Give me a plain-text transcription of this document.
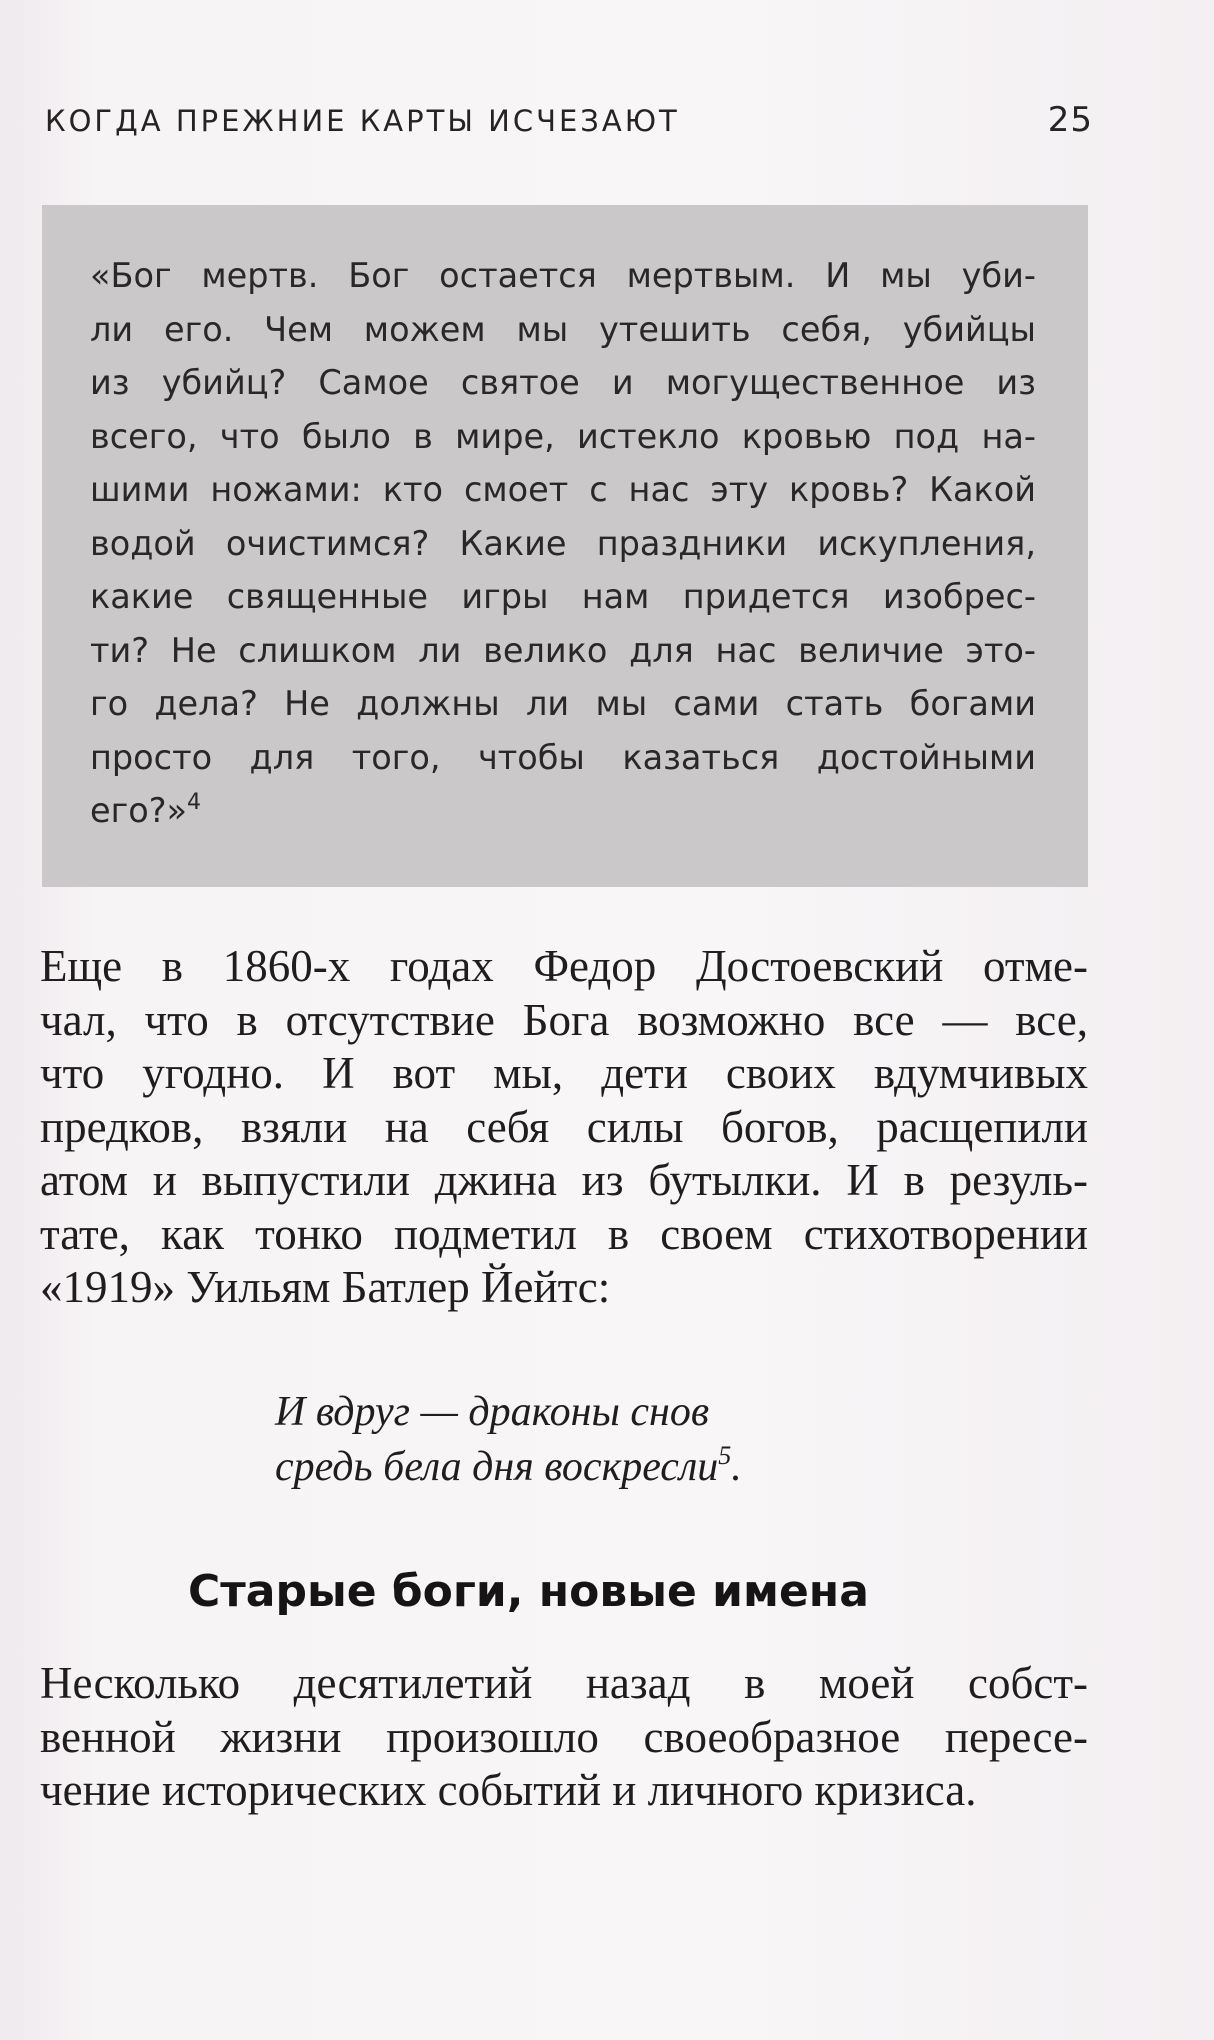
КОГДА ПРЕЖНИЕ КАРТЫ ИСЧЕЗАЮТ	25
«Бог мертв. Бог остается мертвым. И мы уби-
ли его. Чем можем мы утешить себя, убийцы
из убийц? Самое святое и могущественное из
всего, что было в мире, истекло кровью под на-
шими ножами: кто смоет с нас эту кровь? Какой
водой очистимся? Какие праздники искупления,
какие священные игры нам придется изобрес-
ти? Не слишком ли велико для нас величие это-
го дела? Не должны ли мы сами стать богами
просто для того, чтобы казаться достойными
его?»$^4$
Еще в 1860-х годах Федор Достоевский отме-
чал, что в отсутствие Бога возможно все — все,
что угодно. И вот мы, дети своих вдумчивых
предков, взяли на себя силы богов, расщепили
атом и выпустили джина из бутылки. И в резуль-
тате, как тонко подметил в своем стихотворении
«1919» Уильям Батлер Йейтс:
И вдруг — драконы снов
средь бела дня воскресли$^5$.
Старые боги, новые имена
Несколько десятилетий назад в моей собст-
венной жизни произошло своеобразное пересе-
чение исторических событий и личного кризиса.
